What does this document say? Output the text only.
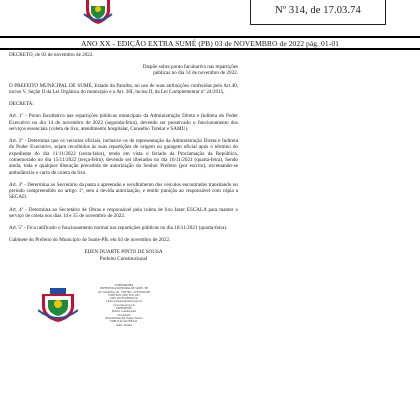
Nº 314, de 17.03.74
ANO XX - EDIÇÃO EXTRA SUMÉ (PB) 03 de NOVEMBRO de 2022 pág. 01-01

DECRETO, de 03 de novembro de 2022.

Dispõe sobre ponto facultativo nas repartições
públicas no dia 14 de novembro de 2022.

O PREFEITO MUNICIPAL DE SUMÉ, Estado da Paraíba, no uso de suas atribuições conferidas pelo Art.40, inciso V, Seção II da Lei Orgânica do município e o Art. 36I, inciso II, da Lei Complementar nº 24/2015,

DECRETA:

Art. 1º - Ponto facultativo nas repartições públicas municipais da Administração Direta e Indireta do Poder Executivo no dia 14 de novembro de 2022 (segunda-feira), devendo ser preservado o funcionamento dos serviços essenciais (coleta de lixo, atendimento hospitalar, Conselho Tutelar e SAMU).

Art. 2º - Determina que os veículos oficiais, inclusive os de representação da Administração Direta e Indireta do Poder Executivo, sejam recolhidos às suas repartições de origem ou garagem oficial após o término do expediente do dia 11/11/2022 (sexta-feira), tendo em vista o feriado da Proclamação da República, comemorado no dia 15/11/2022 (terça-feira), devendo ser liberados no dia 16/11/2021 (quarta-feira). Sendo ainda, toda e qualquer liberação precedida de autorização do Senhor Prefeito (por escrito), excetuando-se ambulâncias e carro de coleta de lixo.

Art. 3º - Determina ao Secretário da pasta a apreensão e recolhimento dos veículos encontrados transitando no período compreendido no artigo 1º, sem a devida autorização, e emitir punição ao responsável com cópia a SECAD.

Art. 4º - Determina ao Secretário de Obras e responsável pela coleta de lixo fazer ESCALA para manter o serviço de coleta nos dias 14 e 15 de novembro de 2022.

Art. 5º - Fica ratificado o funcionamento normal nas repartições públicas no dia 16/11/2021 (quarta-feira).

Gabinete do Prefeito do Município de Sumé-PB, em 03 de novembro de 2022.

EDEN DUARTE PINTO DE SOUSA
Prefeito Constitucional
SUMÉ/PARAÍBA
PREFEITURA MUNICIPAL DE SUMÉ - PB
AV. YOLANDA, 09 - CENTRO - CEP 58540-000
FONE/FAX: (083) 3353-1191
CNPJ: 09.073.628/0001-91
e-mail: prefeitura@sume.pb.gov.br
www.sume.pb.gov.br
EXPEDIENTE
Prefeito Constitucional
Vice-Prefeito
DIAGRAMAÇÃO: Equipe Técnica
PUBLICAÇÃO OFICIAL
Sumé - Paraíba
